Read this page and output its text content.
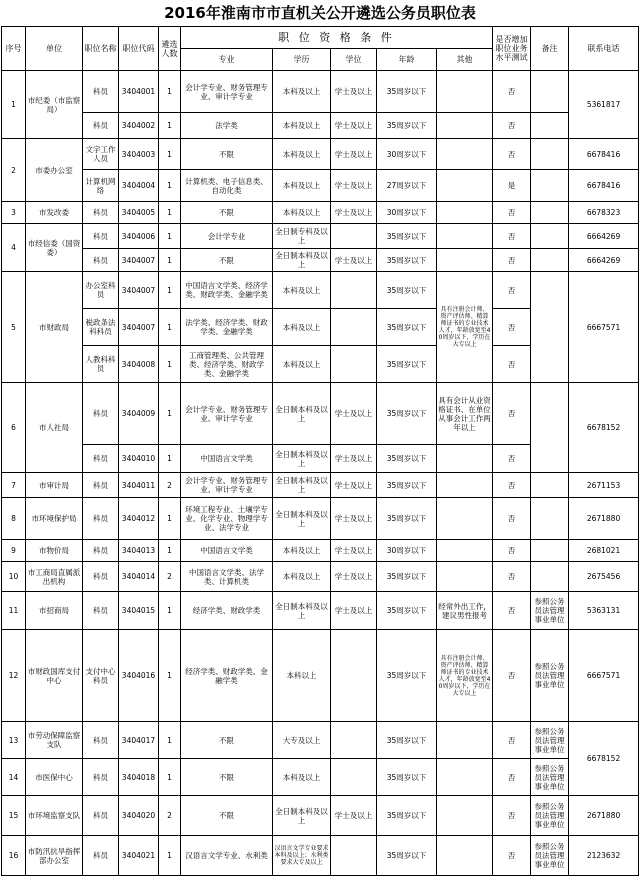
2016年淮南市市直机关公开遴选公务员职位表
序号	单位	职位名称	职位代码	遴选人数	职 位 资 格 条 件					是否增加职位业务水平测试	备注	联系电话
					专业	学历	学位	年龄	其他			
1	市纪委（市监察局）	科员	3404001	1	会计学专业、财务管理专业、审计学专业	本科及以上	学士及以上	35周岁以下		否		5361817
		科员	3404002	1	法学类	本科及以上	学士及以上	35周岁以下		否		
2	市委办公室	文字工作人员	3404003	1	不限	本科及以上	学士及以上	30周岁以下		否		6678416
		计算机网络	3404004	1	计算机类、电子信息类、自动化类	本科及以上	学士及以上	27周岁以下		是		6678416
3	市发改委	科员	3404005	1	不限	本科及以上	学士及以上	30周岁以下		否		6678323
4	市经信委（国资委）	科员	3404006	1	会计学专业	全日制专科及以上		35周岁以下		否		6664269
		科员	3404007	1	不限	全日制本科及以上	学士及以上	35周岁以下		否		6664269
5	市财政局	办公室科员	3404007	1	中国语言文学类、经济学类、财政学类、金融学类	本科及以上		35周岁以下	具有注册会计师、资产评估师、精算师证书的专业技术人才，年龄放宽至40周岁以下，学历在大专以上	否		6667571
		税政条法科科员	3404007	1	法学类、经济学类、财政学类、金融学类	本科及以上		35周岁以下		否		
		人教科科员	3404008	1	工商管理类、公共管理类、经济学类、财政学类、金融学类	本科及以上		35周岁以下		否		
6	市人社局	科员	3404009	1	会计学专业、财务管理专业、审计学专业	全日制本科及以上	学士及以上	35周岁以下	具有会计从业资格证书、在单位从事会计工作两年以上	否		6678152
		科员	3404010	1	中国语言文学类	全日制本科及以上	学士及以上	35周岁以下		否		
7	市审计局	科员	3404011	2	会计学专业、财务管理专业、审计学专业	全日制本科及以上	学士及以上	35周岁以下		否		2671153
8	市环境保护局	科员	3404012	1	环境工程专业、土壤学专业、化学专业、物理学专业、法学专业	全日制本科及以上	学士及以上	35周岁以下		否		2671880
9	市物价局	科员	3404013	1	中国语言文学类	本科及以上	学士及以上	30周岁以下		否		2681021
10	市工商局直属派出机构	科员	3404014	2	中国语言文学类、法学类、计算机类	本科及以上	学士及以上	35周岁以下		否		2675456
11	市招商局	科员	3404015	1	经济学类、财政学类	全日制本科及以上	学士及以上	35周岁以下	经常外出工作，建议男性报考	否	参照公务员法管理事业单位	5363131
12	市财政国库支付中心	支付中心科员	3404016	1	经济学类、财政学类、金融学类	本科以上		35周岁以下	具有注册会计师、资产评估师、精算师证书的专业技术人才，年龄放宽至40周岁以下，学历在大专以上	否	参照公务员法管理事业单位	6667571
13	市劳动保障监察支队	科员	3404017	1	不限	大专及以上		35周岁以下		否	参照公务员法管理事业单位	6678152
14	市医保中心	科员	3404018	1	不限	本科及以上		35周岁以下		否	参照公务员法管理事业单位	
15	市环境监察支队	科员	3404020	2	不限	全日制本科及以上	学士及以上	35周岁以下		否	参照公务员法管理事业单位	2671880
16	市防汛抗旱指挥部办公室	科员	3404021	1	汉语言文学专业、水利类	汉语言文学专业要求本科及以上；水利类要求大专及以上		35周岁以下		否	参照公务员法管理事业单位	2123632
